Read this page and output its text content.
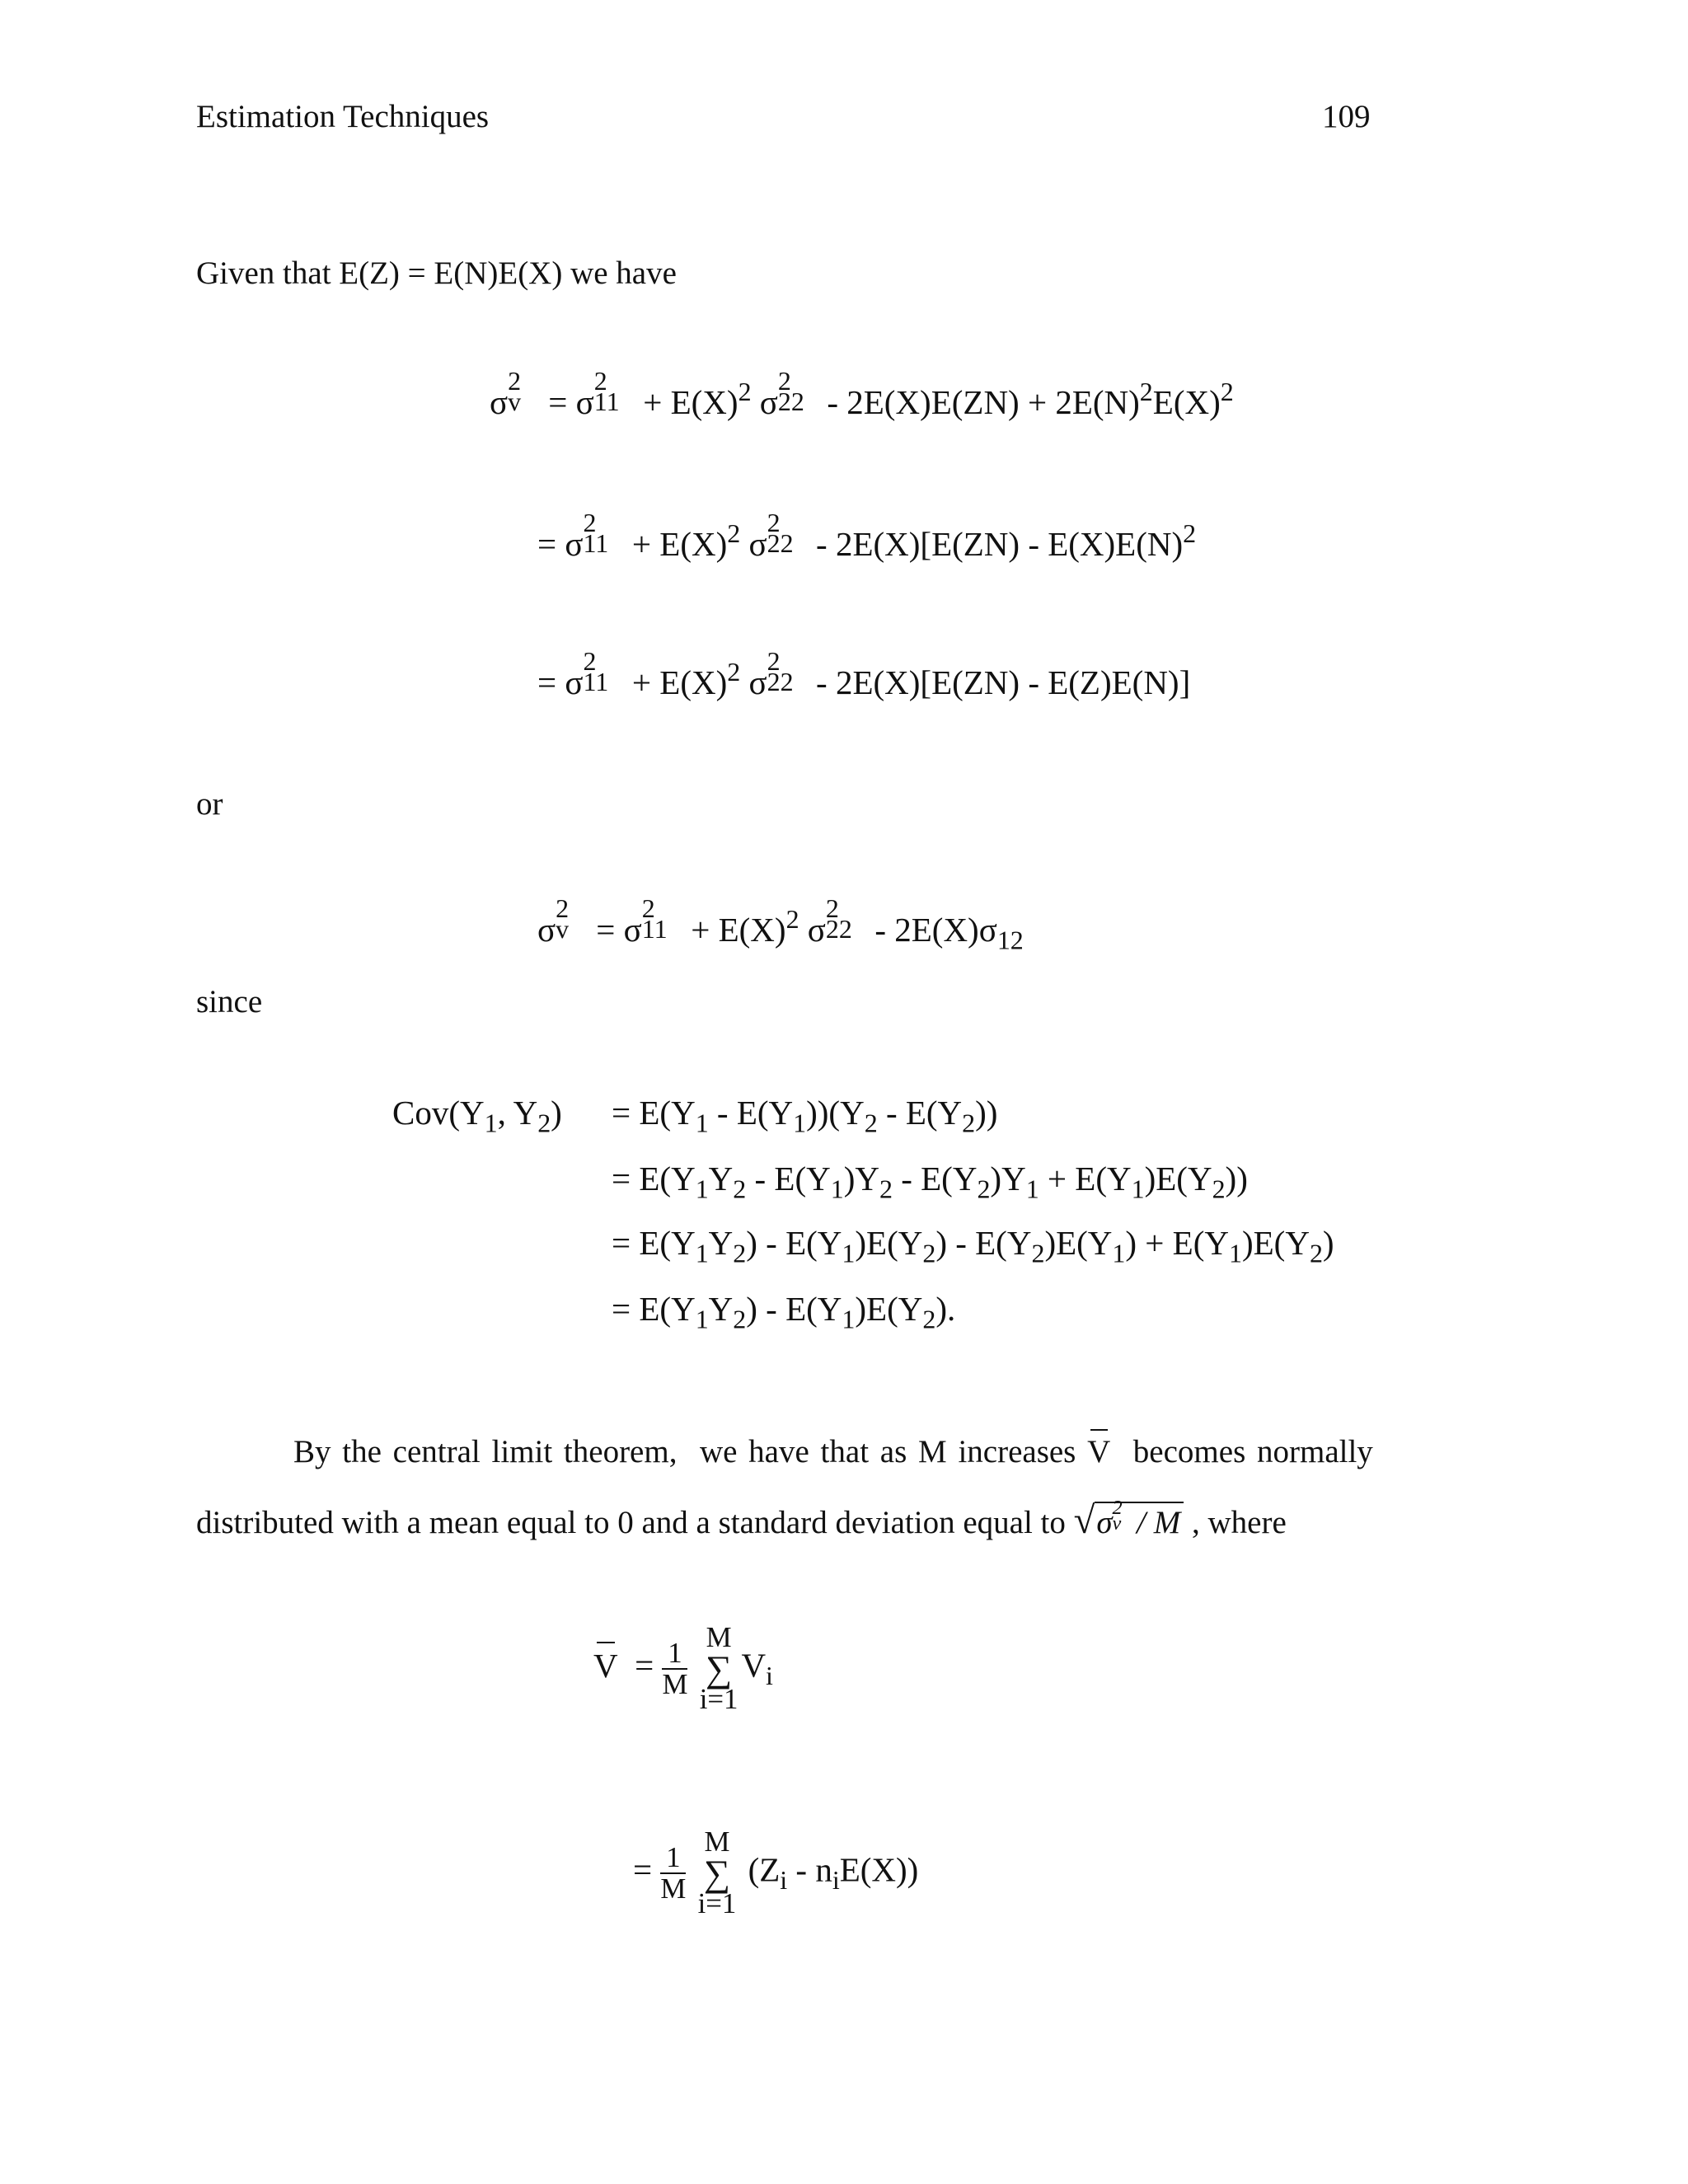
Estimation Techniques	109
Given that E(Z) = E(N)E(X) we have
σ
2
v = σ
2
$11 + E(X)^2$ σ
2
$22 - 2E(X)E(ZN) + 2E(N)^2E(X)^2$
= σ
2
$11 + E(X)^2$ σ
2
$22 - 2E(X)[E(ZN) - E(X)E(N)^2$
= σ
2
$11 + E(X)^2$ σ
2
22 - 2E(X)[E(ZN) - E(Z)E(N)]
or
σ
2
v = σ
2
$11 + E(X)^2$ σ
2
$22 - 2E(X)\sigma_{12}$
since
$Cov(Y_1$, $Y_2) = E(Y_1 - E(Y_1))(Y_2 - E(Y_2))$
= $E(Y_1Y_2 - E(Y_1)Y_2 - E(Y_2)Y_1 + E(Y_1)E(Y_2))$
= $E(Y_1Y_2) - E(Y_1)E(Y_2) - E(Y_2)E(Y_1) + E(Y_1)E(Y_2)$
= $E(Y_1Y_2) - E(Y_1)E(Y_2)$.
By the central limit theorem,  we have that as M increases V  becomes normally
distributed with a mean equal to 0 and a standard deviation equal to √σ 2
v / M , where
$V = \frac{1}{M}$

M
∑
i=1
$V_i$
= $\frac{1}{M}$

M
∑
i=1
$(Z_i - n_iE(X))$
